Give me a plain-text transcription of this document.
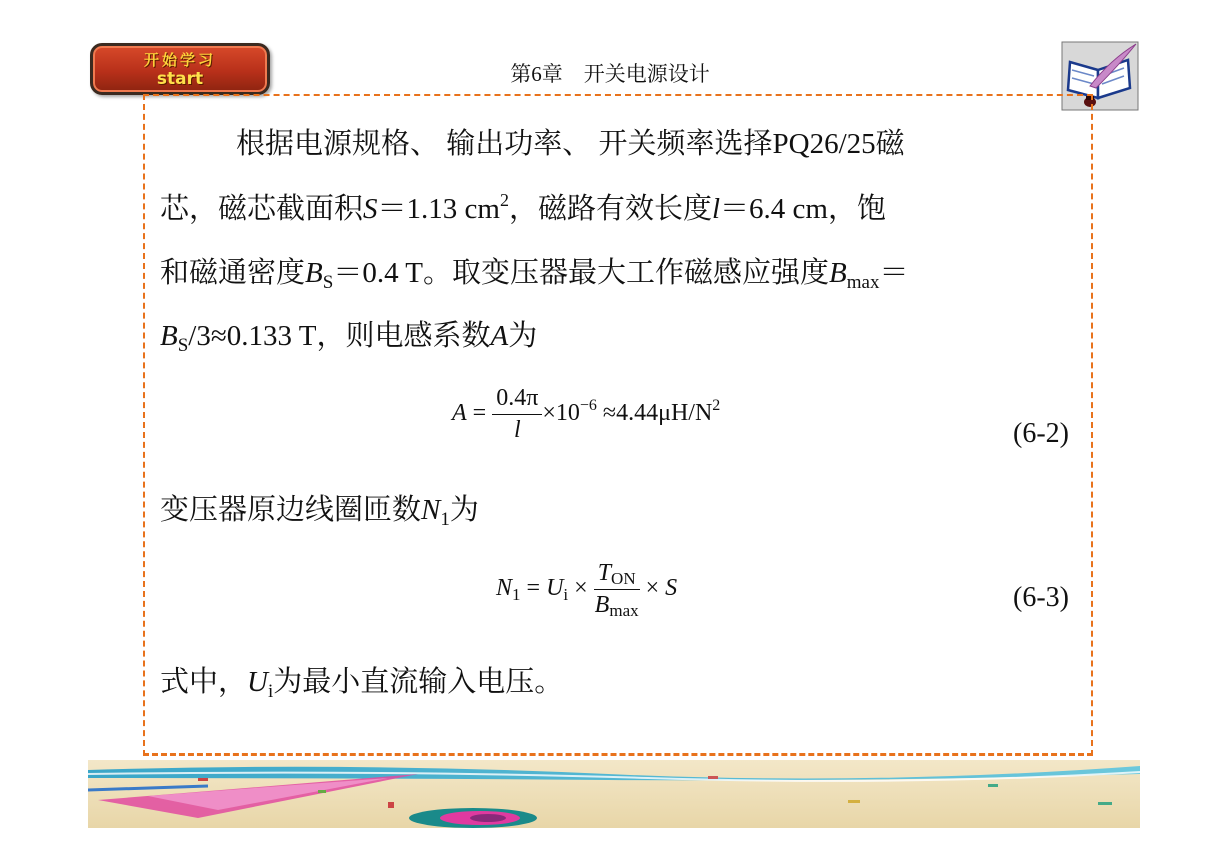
开始学习
start	第6章　开关电源设计
根据电源规格、 输出功率、 开关频率选择PQ26/25磁
芯，磁芯截面积S＝1.13 $cm^2$，磁路有效长度l＝6.4 cm，饱
和磁通密度$B_S=0.4$ T。取变压器最大工作磁感应强度$B_{max}=$
$B_S/3\approx 0.133$ T，则电感系数A为
$A = \frac{0.4\pi}{l} \times 10^{-6} \approx 4.44\mu H/N^2$
(6-2)
变压器原边线圈匝数$N_1$为
$N_1 = U_i \times \frac{\text{TON}}{Bmax} \times S$	(6-3)
式中，$U_i$为最小直流输入电压。
